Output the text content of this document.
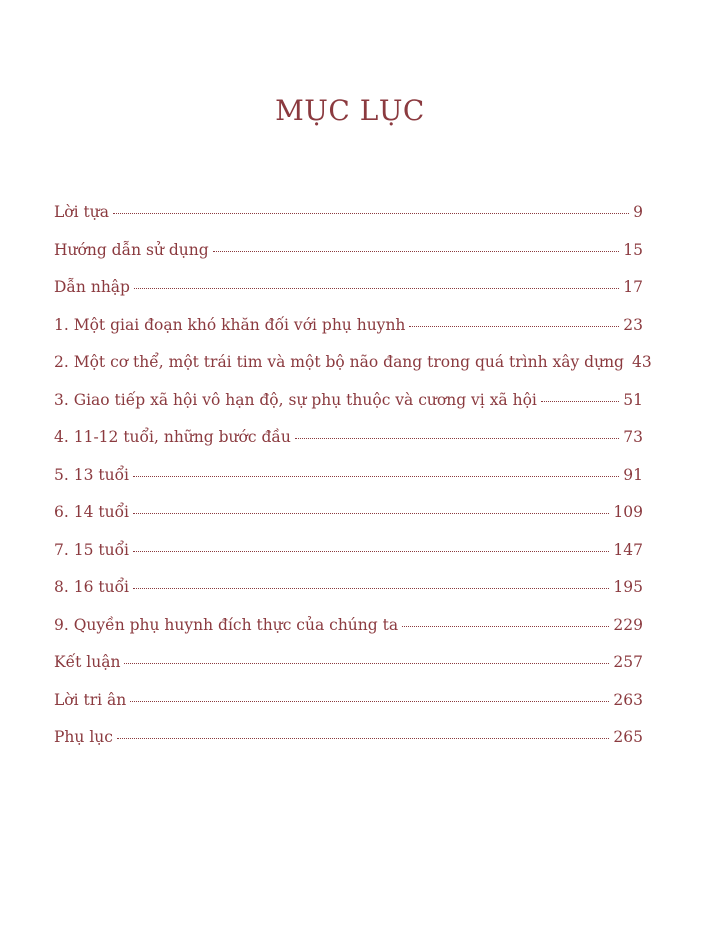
MỤC LỤC
Lời tựa	9
Hướng dẫn sử dụng	15
Dẫn nhập	17
1. Một giai đoạn khó khăn đối với phụ huynh	23
2. Một cơ thể, một trái tim và một bộ não đang trong quá trình xây dựng 43
3. Giao tiếp xã hội vô hạn độ, sự phụ thuộc và cương vị xã hội	51
4. 11-12 tuổi, những bước đầu	73
5. 13 tuổi	91
6. 14 tuổi	109
7. 15 tuổi	147
8. 16 tuổi	195
9. Quyền phụ huynh đích thực của chúng ta	229
Kết luận	257
Lời tri ân	263
Phụ lục	265
